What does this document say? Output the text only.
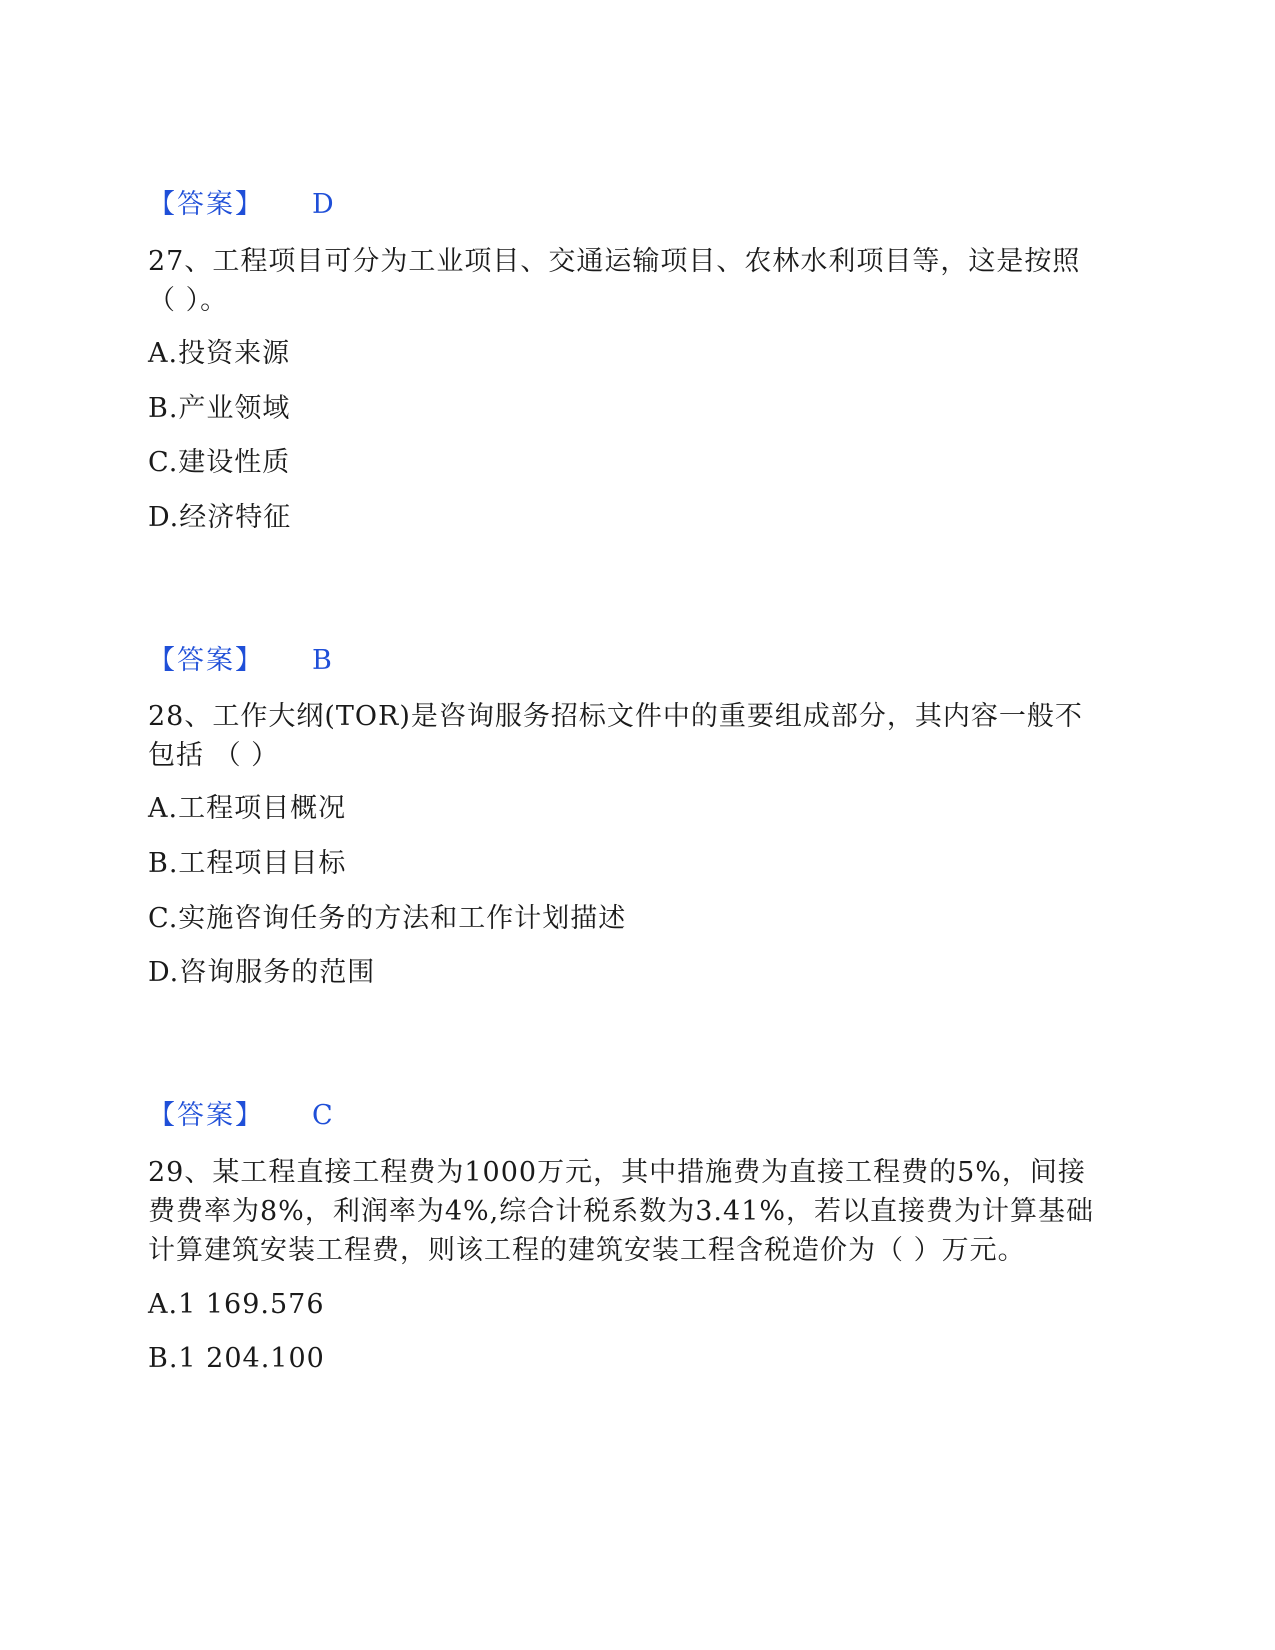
【答案】 D
27、工程项目可分为工业项目、交通运输项目、农林水利项目等，这是按照（ ）。
A.投资来源
B.产业领域
C.建设性质
D.经济特征
【答案】 B
28、工作大纲(TOR)是咨询服务招标文件中的重要组成部分，其内容一般不包括 （ ）
A.工程项目概况
B.工程项目目标
C.实施咨询任务的方法和工作计划描述
D.咨询服务的范围
【答案】 C
29、某工程直接工程费为1000万元，其中措施费为直接工程费的5%，间接费费率为8%，利润率为4%,综合计税系数为3.41%，若以直接费为计算基础计算建筑安装工程费，则该工程的建筑安装工程含税造价为（ ）万元。
A.1 169.576
B.1 204.100
